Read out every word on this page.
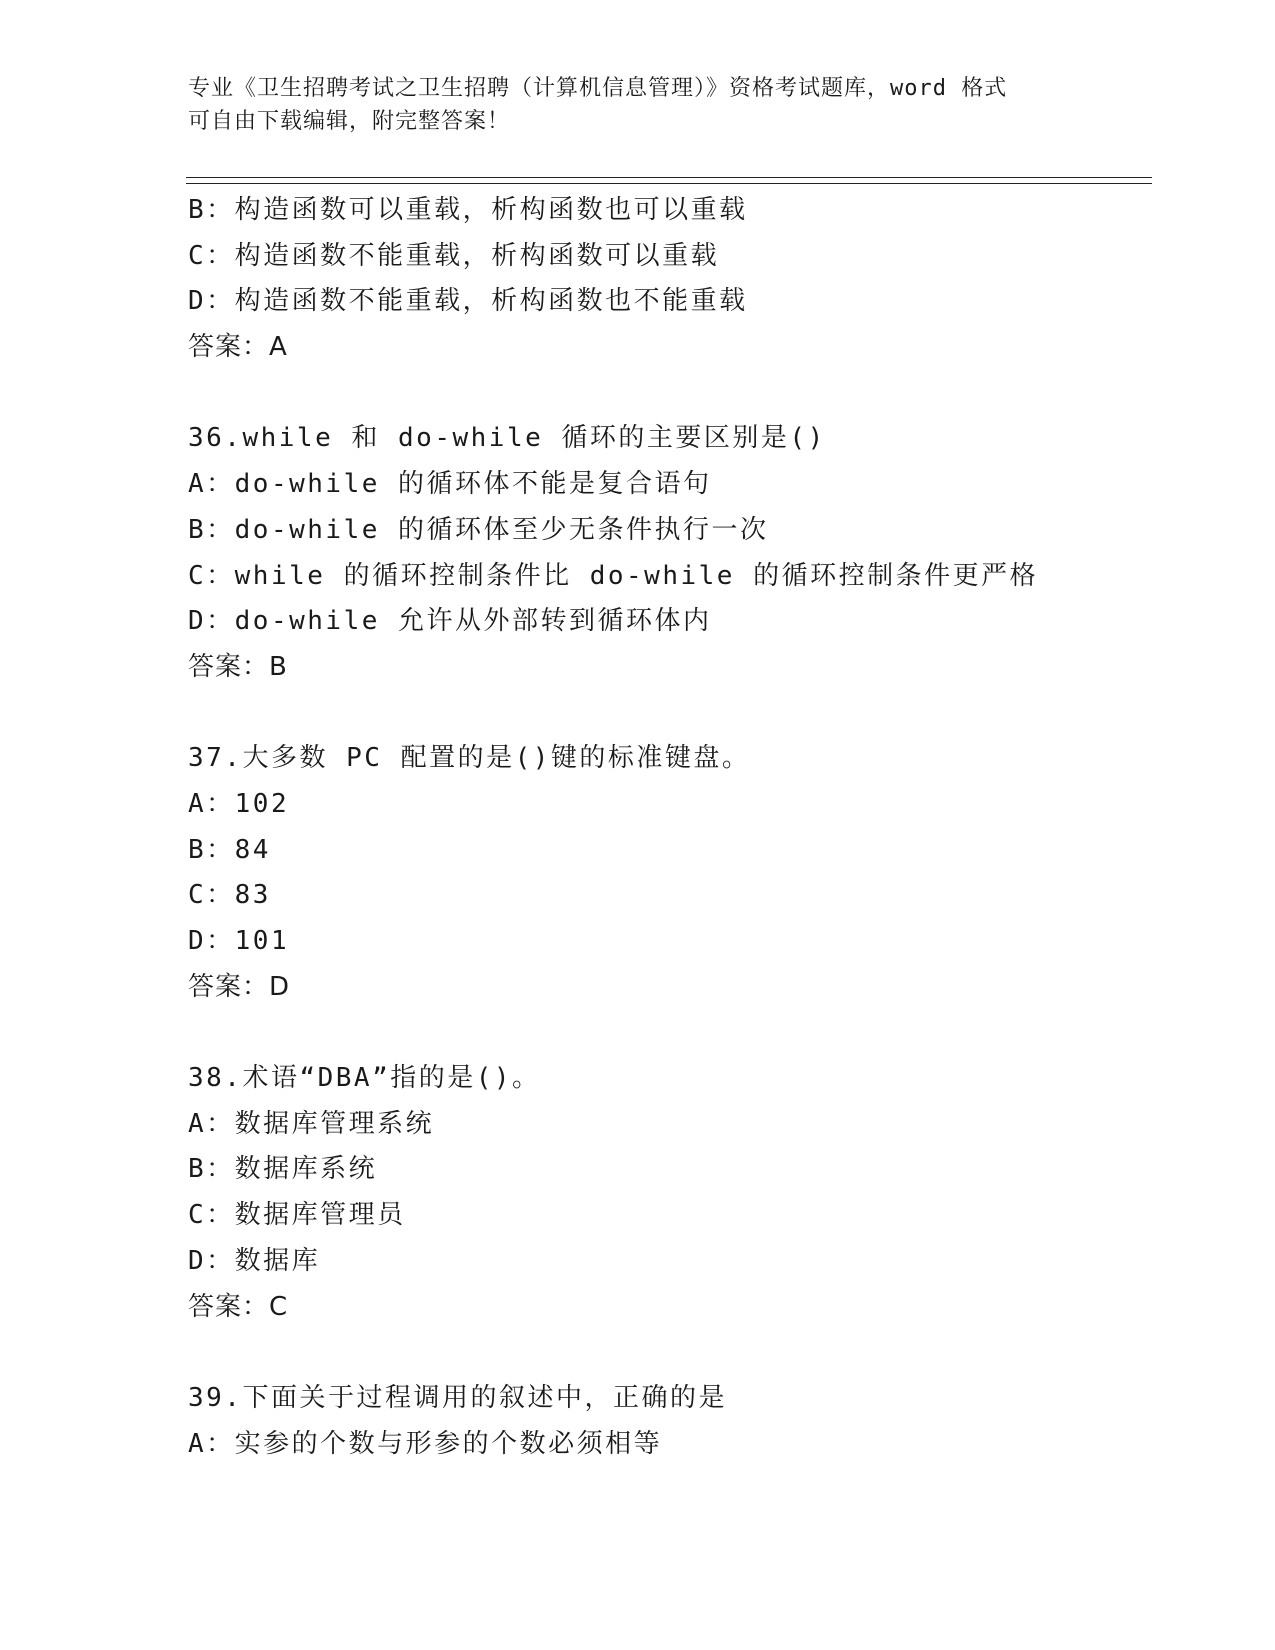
专业《卫生招聘考试之卫生招聘（计算机信息管理）》资格考试题库，word 格式
可自由下载编辑，附完整答案！
B：构造函数可以重载，析构函数也可以重载
C：构造函数不能重载，析构函数可以重载
D：构造函数不能重载，析构函数也不能重载
答案：A
36.while 和 do-while 循环的主要区别是()
A：do-while 的循环体不能是复合语句
B：do-while 的循环体至少无条件执行一次
C：while 的循环控制条件比 do-while 的循环控制条件更严格
D：do-while 允许从外部转到循环体内
答案：B
37.大多数 PC 配置的是()键的标准键盘。
A：102
B：84
C：83
D：101
答案：D
38.术语“DBA”指的是()。
A：数据库管理系统
B：数据库系统
C：数据库管理员
D：数据库
答案：C
39.下面关于过程调用的叙述中，正确的是
A：实参的个数与形参的个数必须相等
